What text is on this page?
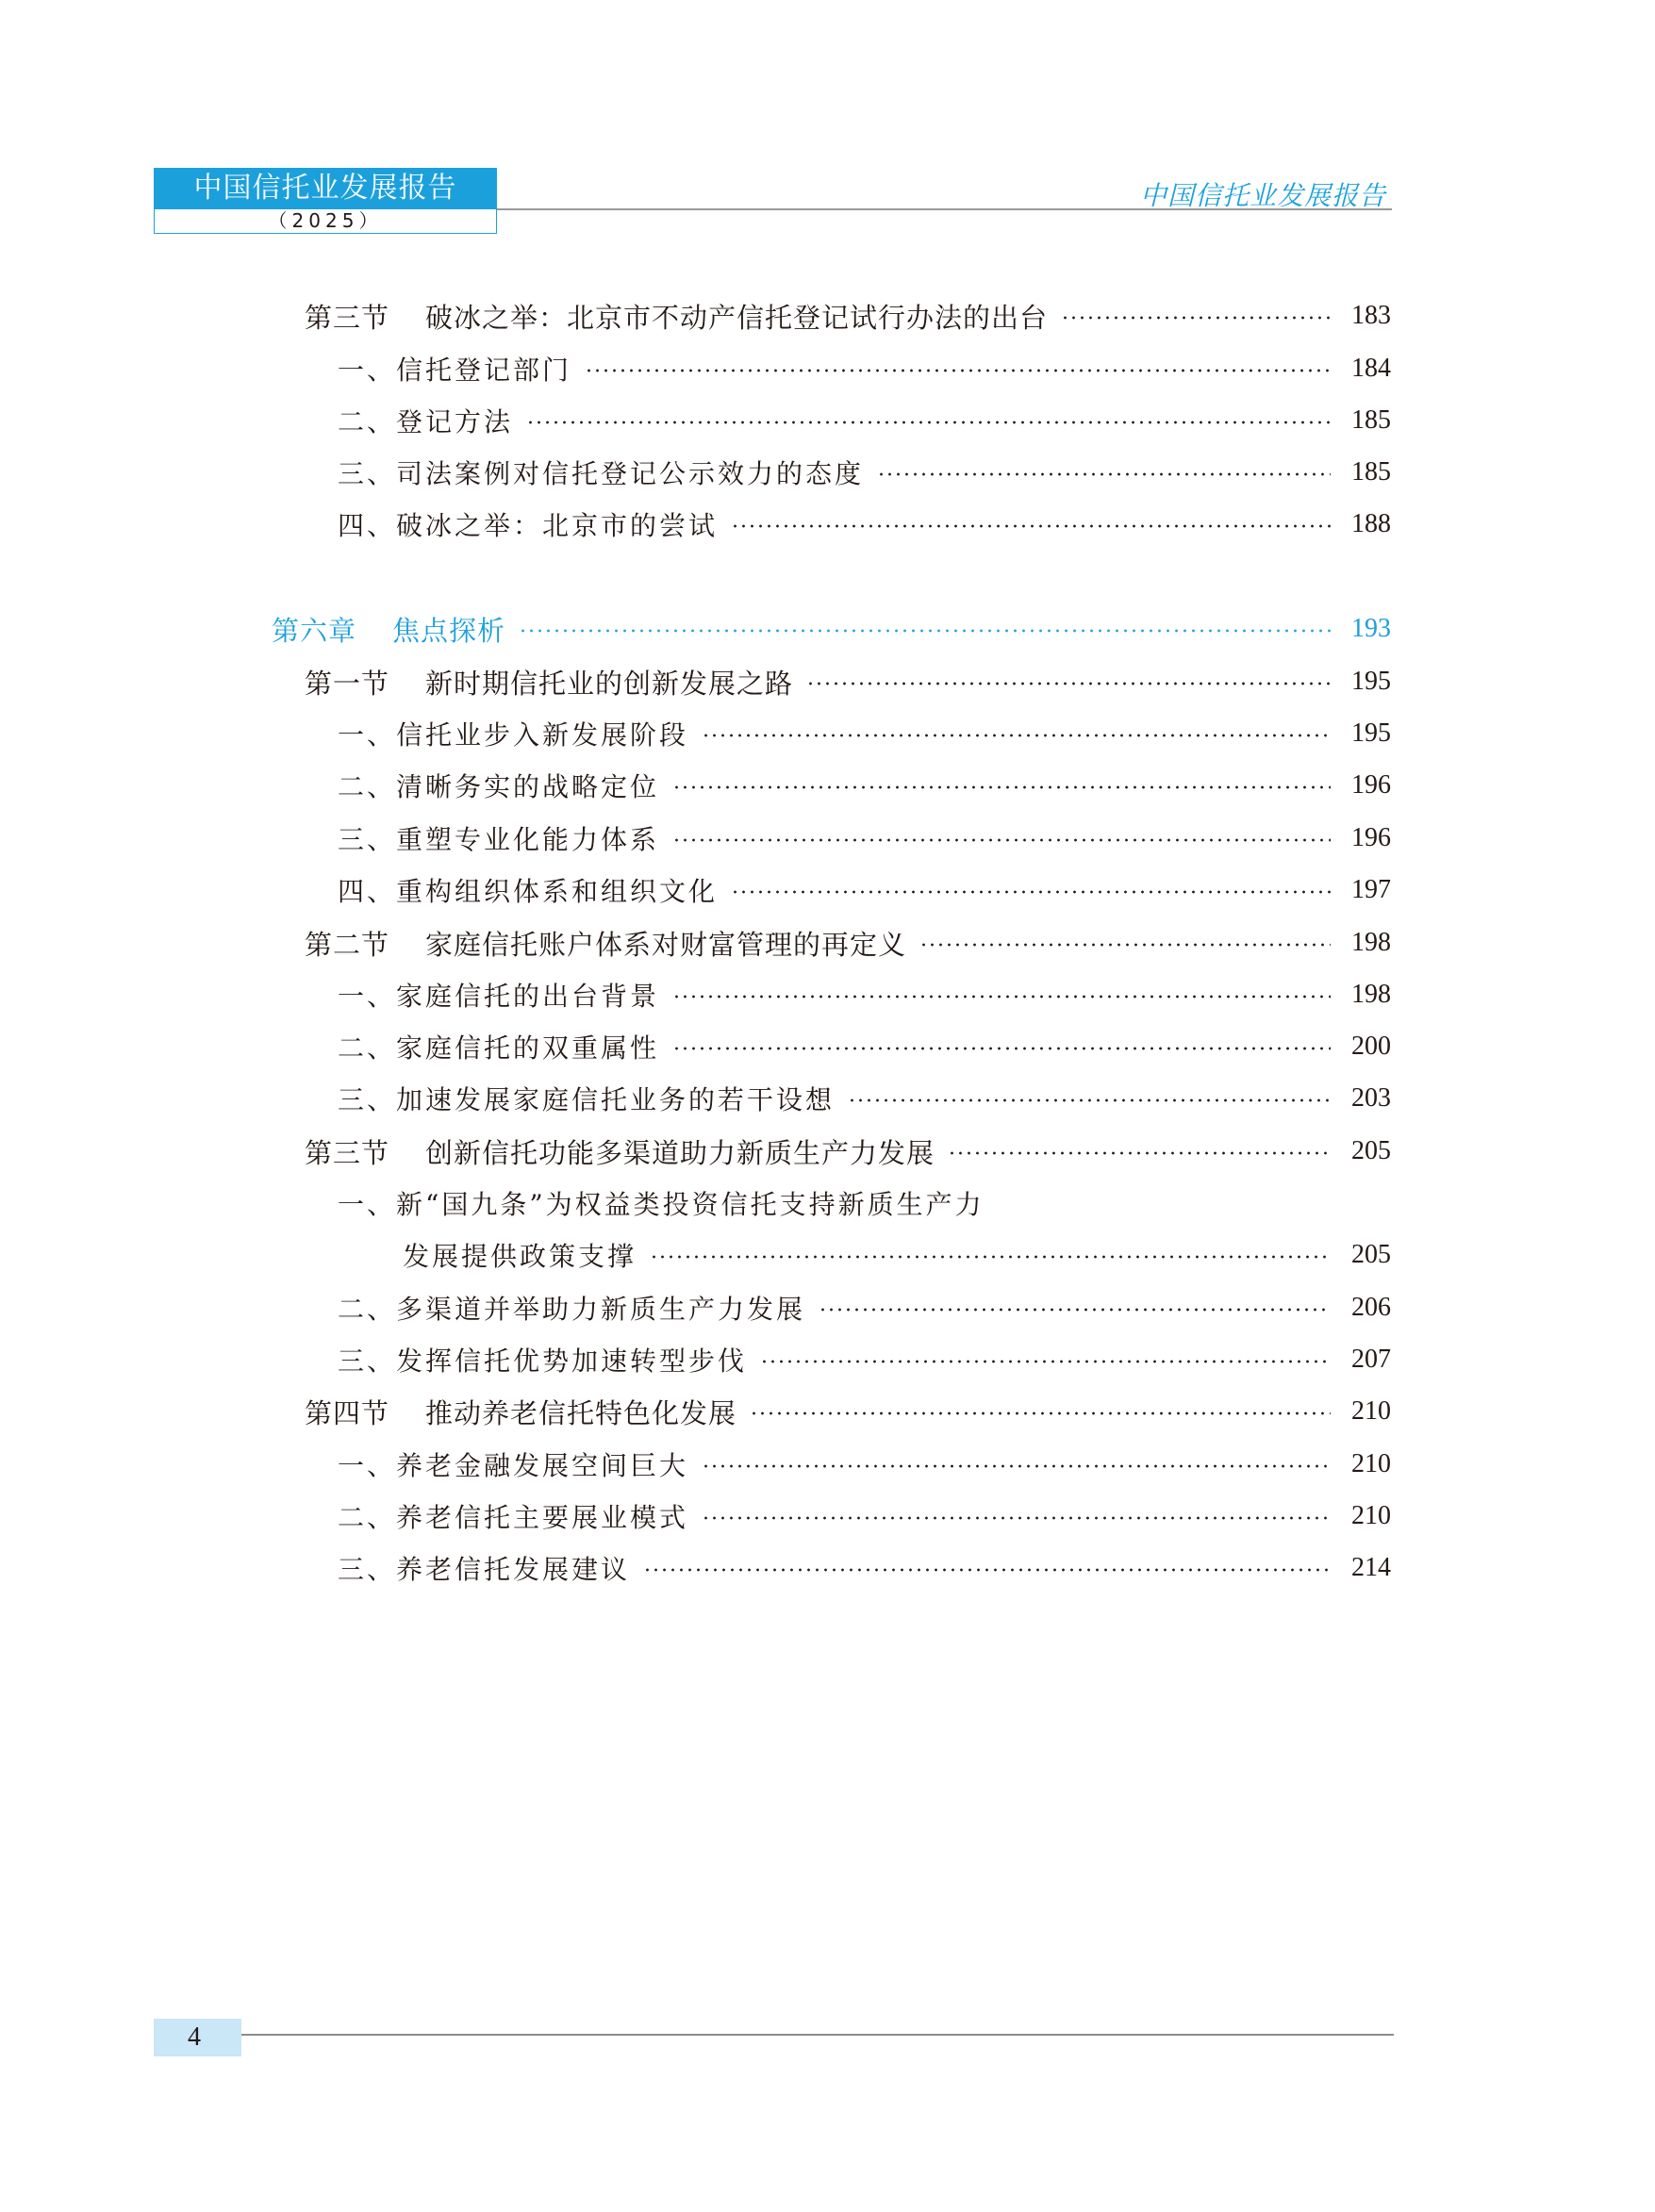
中国信托业发展报告
（2025）
中国信托业发展报告
第三节 破冰之举：北京市不动产信托登记试行办法的出台	183
一、信托登记部门	184
二、登记方法	185
三、司法案例对信托登记公示效力的态度	185
四、破冰之举：北京市的尝试	188
第六章 焦点探析	193
第一节 新时期信托业的创新发展之路	195
一、信托业步入新发展阶段	195
二、清晰务实的战略定位	196
三、重塑专业化能力体系	196
四、重构组织体系和组织文化	197
第二节 家庭信托账户体系对财富管理的再定义	198
一、家庭信托的出台背景	198
二、家庭信托的双重属性	200
三、加速发展家庭信托业务的若干设想	203
第三节 创新信托功能多渠道助力新质生产力发展	205
一、新“国九条”为权益类投资信托支持新质生产力
发展提供政策支撑	205
二、多渠道并举助力新质生产力发展	206
三、发挥信托优势加速转型步伐	207
第四节 推动养老信托特色化发展	210
一、养老金融发展空间巨大	210
二、养老信托主要展业模式	210
三、养老信托发展建议	214
4
